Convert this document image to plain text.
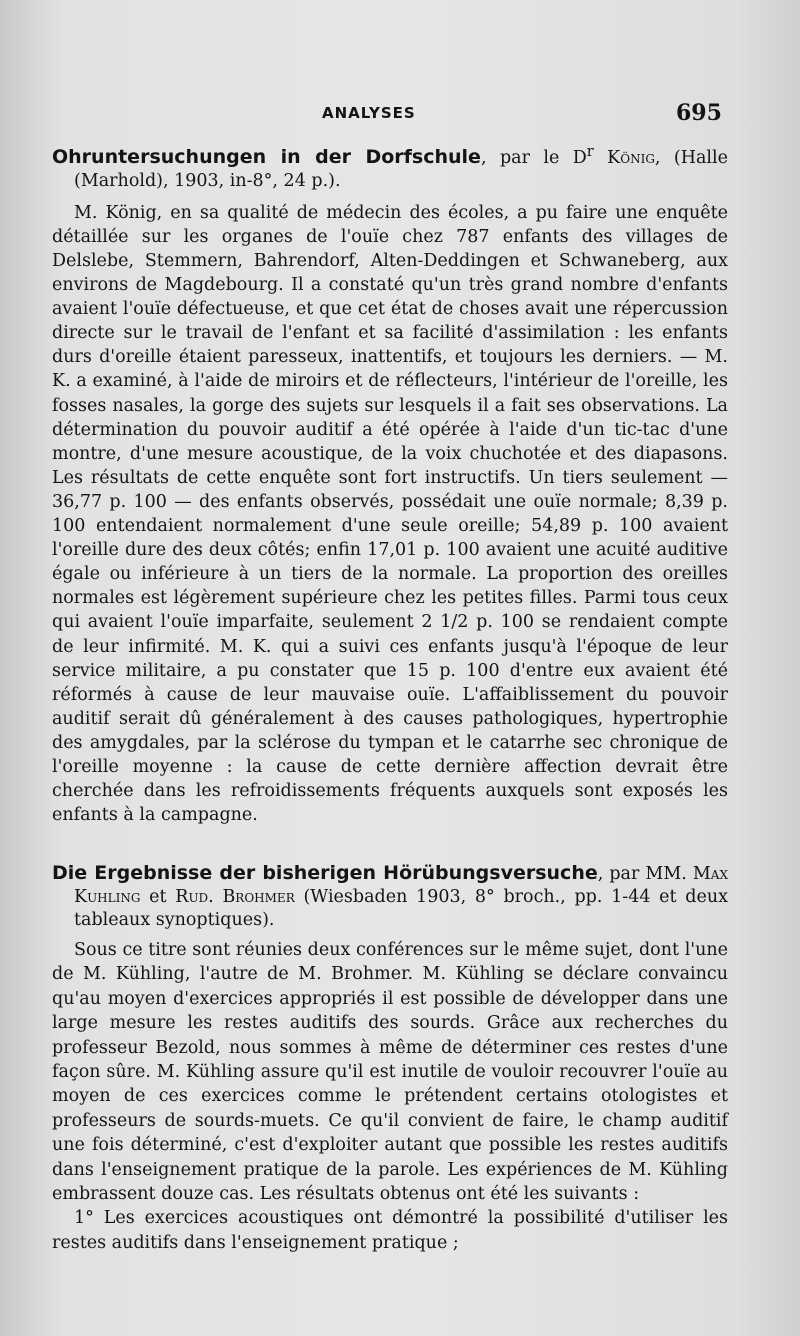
ANALYSES	695

Ohruntersuchungen in der Dorfschule, par le $D^r$ König, (Halle (Marhold), 1903, in-8°, 24 p.).

M. König, en sa qualité de médecin des écoles, a pu faire une enquête détaillée sur les organes de l'ouïe chez 787 enfants des villages de Delslebe, Stemmern, Bahrendorf, Alten-Deddingen et Schwaneberg, aux environs de Magdebourg. Il a constaté qu'un très grand nombre d'enfants avaient l'ouïe défectueuse, et que cet état de choses avait une répercussion directe sur le travail de l'enfant et sa facilité d'assimilation : les enfants durs d'oreille étaient paresseux, inattentifs, et toujours les derniers. — M. K. a examiné, à l'aide de miroirs et de réflecteurs, l'intérieur de l'oreille, les fosses nasales, la gorge des sujets sur lesquels il a fait ses observations. La détermination du pouvoir auditif a été opérée à l'aide d'un tic-tac d'une montre, d'une mesure acoustique, de la voix chuchotée et des diapasons. Les résultats de cette enquête sont fort instructifs. Un tiers seulement — 36,77 p. 100 — des enfants observés, possédait une ouïe normale; 8,39 p. 100 entendaient normalement d'une seule oreille; 54,89 p. 100 avaient l'oreille dure des deux côtés; enfin 17,01 p. 100 avaient une acuité auditive égale ou inférieure à un tiers de la normale. La proportion des oreilles normales est légèrement supérieure chez les petites filles. Parmi tous ceux qui avaient l'ouïe imparfaite, seulement 2 1/2 p. 100 se rendaient compte de leur infirmité. M. K. qui a suivi ces enfants jusqu'à l'époque de leur service militaire, a pu constater que 15 p. 100 d'entre eux avaient été réformés à cause de leur mauvaise ouïe. L'affaiblissement du pouvoir auditif serait dû généralement à des causes pathologiques, hypertrophie des amygdales, par la sclérose du tympan et le catarrhe sec chronique de l'oreille moyenne : la cause de cette dernière affection devrait être cherchée dans les refroidissements fréquents auxquels sont exposés les enfants à la campagne.

Die Ergebnisse der bisherigen Hörübungsversuche, par MM. Max Kuhling et Rud. Brohmer (Wiesbaden 1903, 8° broch., pp. 1-44 et deux tableaux synoptiques).

Sous ce titre sont réunies deux conférences sur le même sujet, dont l'une de M. Kühling, l'autre de M. Brohmer. M. Kühling se déclare convaincu qu'au moyen d'exercices appropriés il est possible de développer dans une large mesure les restes auditifs des sourds. Grâce aux recherches du professeur Bezold, nous sommes à même de déterminer ces restes d'une façon sûre. M. Kühling assure qu'il est inutile de vouloir recouvrer l'ouïe au moyen de ces exercices comme le prétendent certains otologistes et professeurs de sourds-muets. Ce qu'il convient de faire, le champ auditif une fois déterminé, c'est d'exploiter autant que possible les restes auditifs dans l'enseignement pratique de la parole. Les expériences de M. Kühling embrassent douze cas. Les résultats obtenus ont été les suivants :

1° Les exercices acoustiques ont démontré la possibilité d'utiliser les restes auditifs dans l'enseignement pratique ;
